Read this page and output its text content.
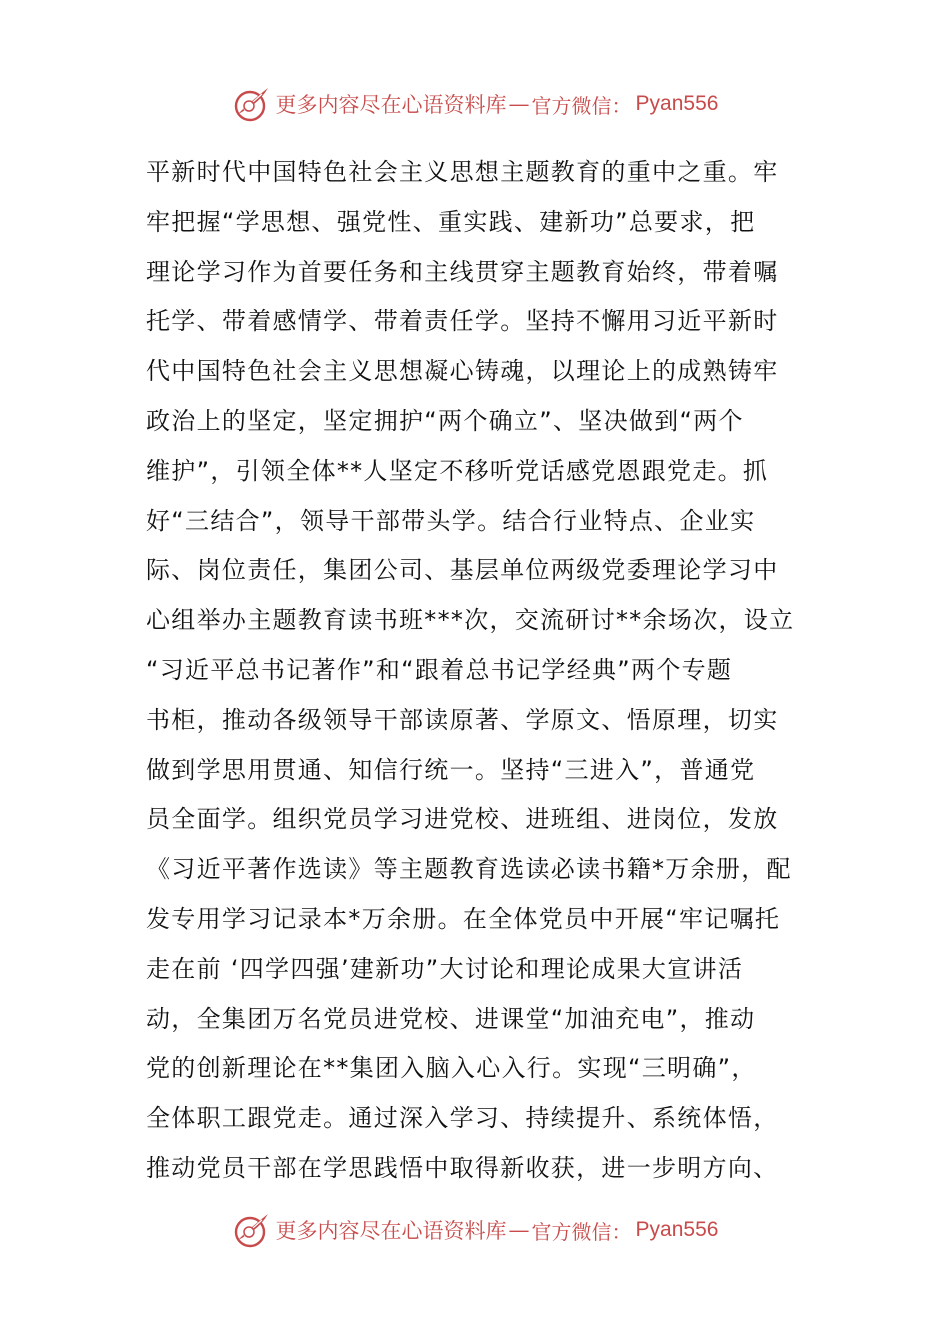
更多内容尽在心语资料库 — 官方微信： Pyan556
平新时代中国特色社会主义思想主题教育的重中之重。牢
牢把握“学思想、强党性、重实践、建新功”总要求，把
理论学习作为首要任务和主线贯穿主题教育始终，带着嘱
托学、带着感情学、带着责任学。坚持不懈用习近平新时
代中国特色社会主义思想凝心铸魂，以理论上的成熟铸牢
政治上的坚定，坚定拥护“两个确立”、坚决做到“两个
维护”，引领全体**人坚定不移听党话感党恩跟党走。抓
好“三结合”，领导干部带头学。结合行业特点、企业实
际、岗位责任，集团公司、基层单位两级党委理论学习中
心组举办主题教育读书班***次，交流研讨**余场次，设立
“习近平总书记著作”和“跟着总书记学经典”两个专题
书柜，推动各级领导干部读原著、学原文、悟原理，切实
做到学思用贯通、知信行统一。坚持“三进入”，普通党
员全面学。组织党员学习进党校、进班组、进岗位，发放
《习近平著作选读》等主题教育选读必读书籍*万余册，配
发专用学习记录本*万余册。在全体党员中开展“牢记嘱托
走在前 ‘四学四强’建新功”大讨论和理论成果大宣讲活
动，全集团万名党员进党校、进课堂“加油充电”，推动
党的创新理论在**集团入脑入心入行。实现“三明确”，
全体职工跟党走。通过深入学习、持续提升、系统体悟，
推动党员干部在学思践悟中取得新收获，进一步明方向、
更多内容尽在心语资料库 — 官方微信： Pyan556
